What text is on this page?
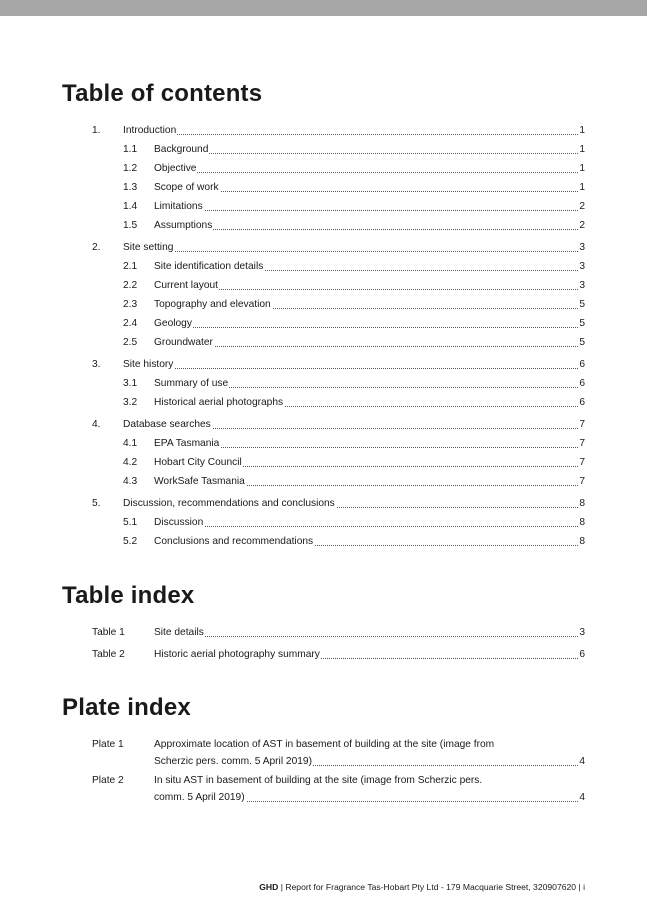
Table of contents
1. Introduction	1
1.1 Background	1
1.2 Objective	1
1.3 Scope of work	1
1.4 Limitations	2
1.5 Assumptions	2
2. Site setting	3
2.1 Site identification details	3
2.2 Current layout	3
2.3 Topography and elevation	5
2.4 Geology	5
2.5 Groundwater	5
3. Site history	6
3.1 Summary of use	6
3.2 Historical aerial photographs	6
4. Database searches	7
4.1 EPA Tasmania	7
4.2 Hobart City Council	7
4.3 WorkSafe Tasmania	7
5. Discussion, recommendations and conclusions	8
5.1 Discussion	8
5.2 Conclusions and recommendations	8
Table index
Table 1	Site details	3
Table 2	Historic aerial photography summary	6
Plate index
Plate 1	Approximate location of AST in basement of building at the site (image from
Scherzic pers. comm. 5 April 2019)	4
Plate 2	In situ AST in basement of building at the site (image from Scherzic pers.
comm. 5 April 2019)	4
GHD | Report for Fragrance Tas-Hobart Pty Ltd - 179 Macquarie Street, 320907620 | i
